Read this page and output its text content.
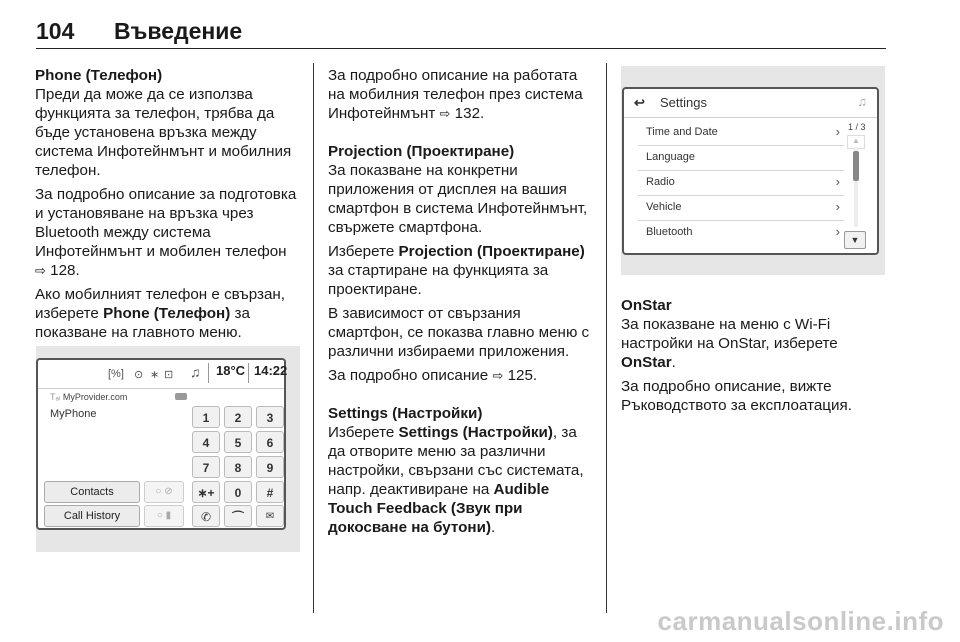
104 Въведение
Phone (Телефон)

Преди да може да се използва функцията за телефон, трябва да бъде установена връзка между система Инфотейнмънт и мобилния телефон.

За подробно описание за подготовка и установяване на връзка чрез Bluetooth между система Инфотейнмънт и мобилен телефон ⇨ 128.

Ако мобилният телефон е свързан, изберете Phone (Телефон) за показване на главното меню.

[%] ⊙ ∗ ⊡ ♫ 18°C 14:22
Tₐₗ MyProvider.com
MyPhone	1	2	3
4	5	6
7	8	9
∗+	0	#
Contacts	○ ⊘
Call History	○ ▮	✆	⌒	✉

За подробно описание на работата на мобилния телефон през система Инфотейнмънт ⇨ 132.

Projection (Проектиране)

За показване на конкретни приложения от дисплея на вашия смартфон в система Инфотейнмънт, свържете смартфона.

Изберете Projection (Проектиране) за стартиране на функцията за проектиране.

В зависимост от свързания смартфон, се показва главно меню с различни избираеми приложения.

За подробно описание ⇨ 125.

Settings (Настройки)

Изберете Settings (Настройки), за да отворите меню за различни настройки, свързани със системата, напр. деактивиране на Audible Touch Feedback (Звук при докосване на бутони).

↩ Settings	♫
Time and Date	›
Language
Radio	›
Vehicle	›
Bluetooth	›
1 / 3
▲
▼
OnStar

За показване на меню с Wi-Fi настройки на OnStar, изберете OnStar.

За подробно описание, вижте Ръководството за експлоатация.

carmanualsonline.info
